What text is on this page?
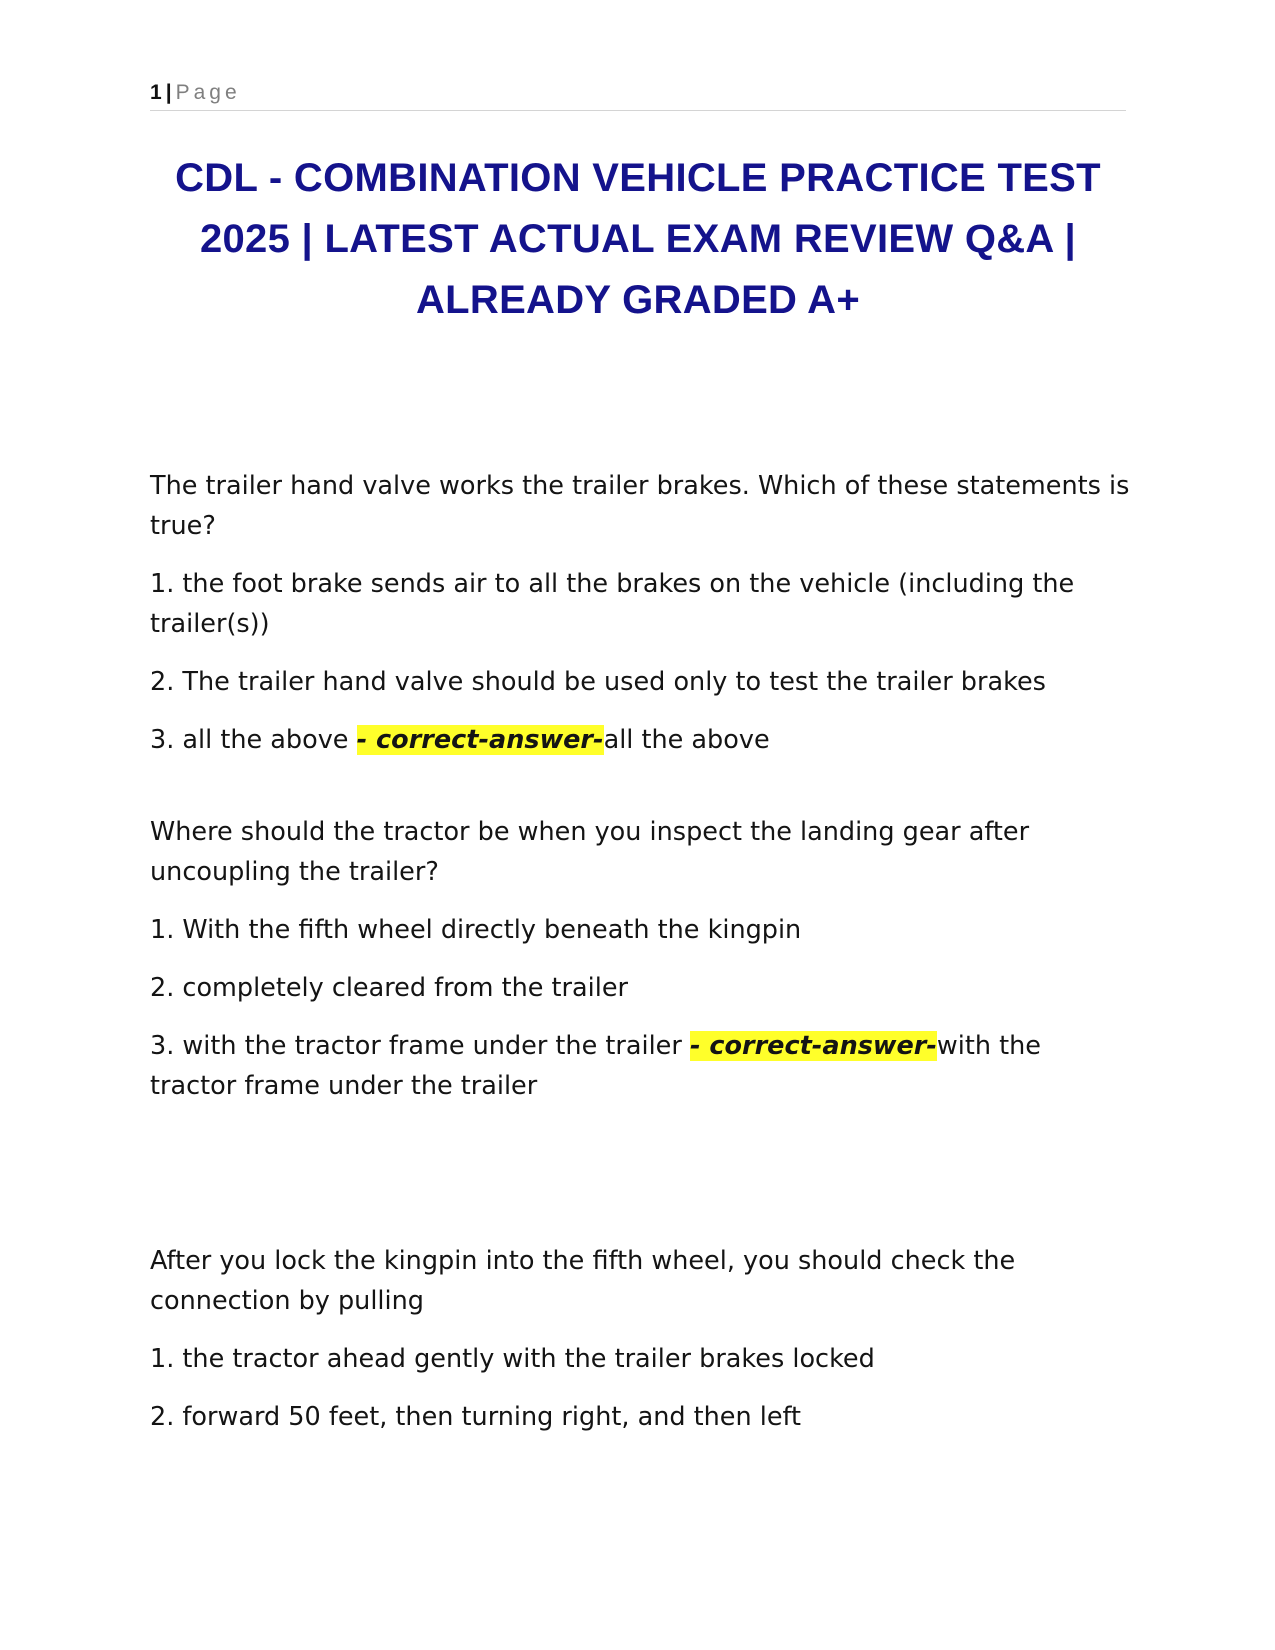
1 | Page
CDL - COMBINATION VEHICLE PRACTICE TEST
2025 | LATEST ACTUAL EXAM REVIEW Q&A |
ALREADY GRADED A+

The trailer hand valve works the trailer brakes. Which of these statements is true?

1. the foot brake sends air to all the brakes on the vehicle (including the trailer(s))

2. The trailer hand valve should be used only to test the trailer brakes

3. all the above - correct-answer-all the above

Where should the tractor be when you inspect the landing gear after uncoupling the trailer?

1. With the fifth wheel directly beneath the kingpin

2. completely cleared from the trailer

3. with the tractor frame under the trailer - correct-answer-with the tractor frame under the trailer

After you lock the kingpin into the fifth wheel, you should check the connection by pulling

1. the tractor ahead gently with the trailer brakes locked

2. forward 50 feet, then turning right, and then left
